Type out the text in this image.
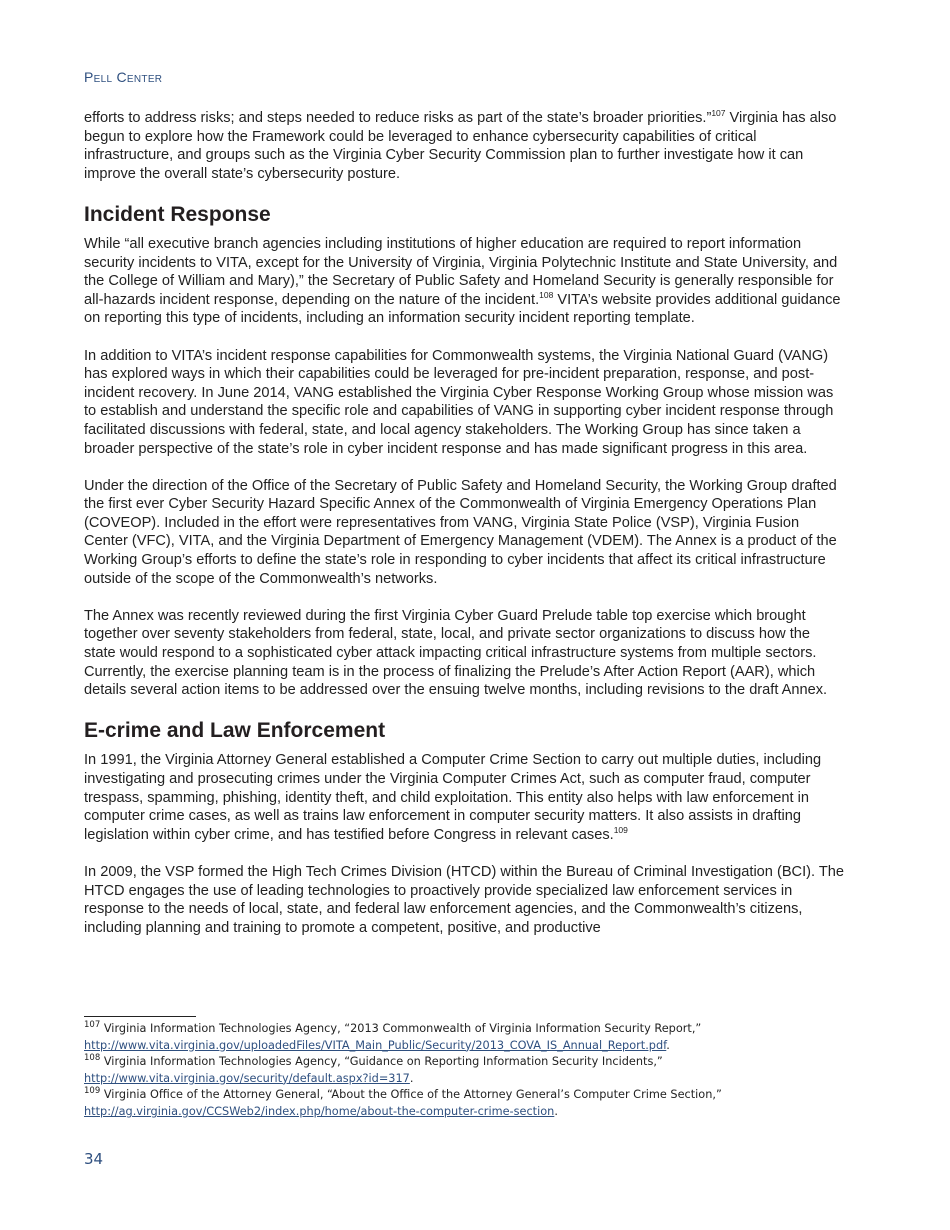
Pell Center

efforts to address risks; and steps needed to reduce risks as part of the state’s broader priorities.”$^{107}$ Virginia has also begun to explore how the Framework could be leveraged to enhance cybersecurity capabilities of critical infrastructure, and groups such as the Virginia Cyber Security Commission plan to further investigate how it can improve the overall state’s cybersecurity posture.

Incident Response

While “all executive branch agencies including institutions of higher education are required to report information security incidents to VITA, except for the University of Virginia, Virginia Polytechnic Institute and State University, and the College of William and Mary),” the Secretary of Public Safety and Homeland Security is generally responsible for all-hazards incident response, depending on the nature of the incident.$^{108}$ VITA’s website provides additional guidance on reporting this type of incidents, including an information security incident reporting template.

In addition to VITA’s incident response capabilities for Commonwealth systems, the Virginia National Guard (VANG) has explored ways in which their capabilities could be leveraged for pre-incident preparation, response, and post-incident recovery. In June 2014, VANG established the Virginia Cyber Response Working Group whose mission was to establish and understand the specific role and capabilities of VANG in supporting cyber incident response through facilitated discussions with federal, state, and local agency stakeholders. The Working Group has since taken a broader perspective of the state’s role in cyber incident response and has made significant progress in this area.

Under the direction of the Office of the Secretary of Public Safety and Homeland Security, the Working Group drafted the first ever Cyber Security Hazard Specific Annex of the Commonwealth of Virginia Emergency Operations Plan (COVEOP). Included in the effort were representatives from VANG, Virginia State Police (VSP), Virginia Fusion Center (VFC), VITA, and the Virginia Department of Emergency Management (VDEM). The Annex is a product of the Working Group’s efforts to define the state’s role in responding to cyber incidents that affect its critical infrastructure outside of the scope of the Commonwealth’s networks.

The Annex was recently reviewed during the first Virginia Cyber Guard Prelude table top exercise which brought together over seventy stakeholders from federal, state, local, and private sector organizations to discuss how the state would respond to a sophisticated cyber attack impacting critical infrastructure systems from multiple sectors. Currently, the exercise planning team is in the process of finalizing the Prelude’s After Action Report (AAR), which details several action items to be addressed over the ensuing twelve months, including revisions to the draft Annex.

E-crime and Law Enforcement

In 1991, the Virginia Attorney General established a Computer Crime Section to carry out multiple duties, including investigating and prosecuting crimes under the Virginia Computer Crimes Act, such as computer fraud, computer trespass, spamming, phishing, identity theft, and child exploitation. This entity also helps with law enforcement in computer crime cases, as well as trains law enforcement in computer security matters. It also assists in drafting legislation within cyber crime, and has testified before Congress in relevant cases.$^{109}$

In 2009, the VSP formed the High Tech Crimes Division (HTCD) within the Bureau of Criminal Investigation (BCI). The HTCD engages the use of leading technologies to proactively provide specialized law enforcement services in response to the needs of local, state, and federal law enforcement agencies, and the Commonwealth’s citizens, including planning and training to promote a competent, positive, and productive

$^{107}$ Virginia Information Technologies Agency, “2013 Commonwealth of Virginia Information Security Report,” http://www.vita.virginia.gov/uploadedFiles/VITA_Main_Public/Security/2013_COVA_IS_Annual_Report.pdf.

$^{108}$ Virginia Information Technologies Agency, “Guidance on Reporting Information Security Incidents,” http://www.vita.virginia.gov/security/default.aspx?id=317.

$^{109}$ Virginia Office of the Attorney General, “About the Office of the Attorney General’s Computer Crime Section,” http://ag.virginia.gov/CCSWeb2/index.php/home/about-the-computer-crime-section.

34
